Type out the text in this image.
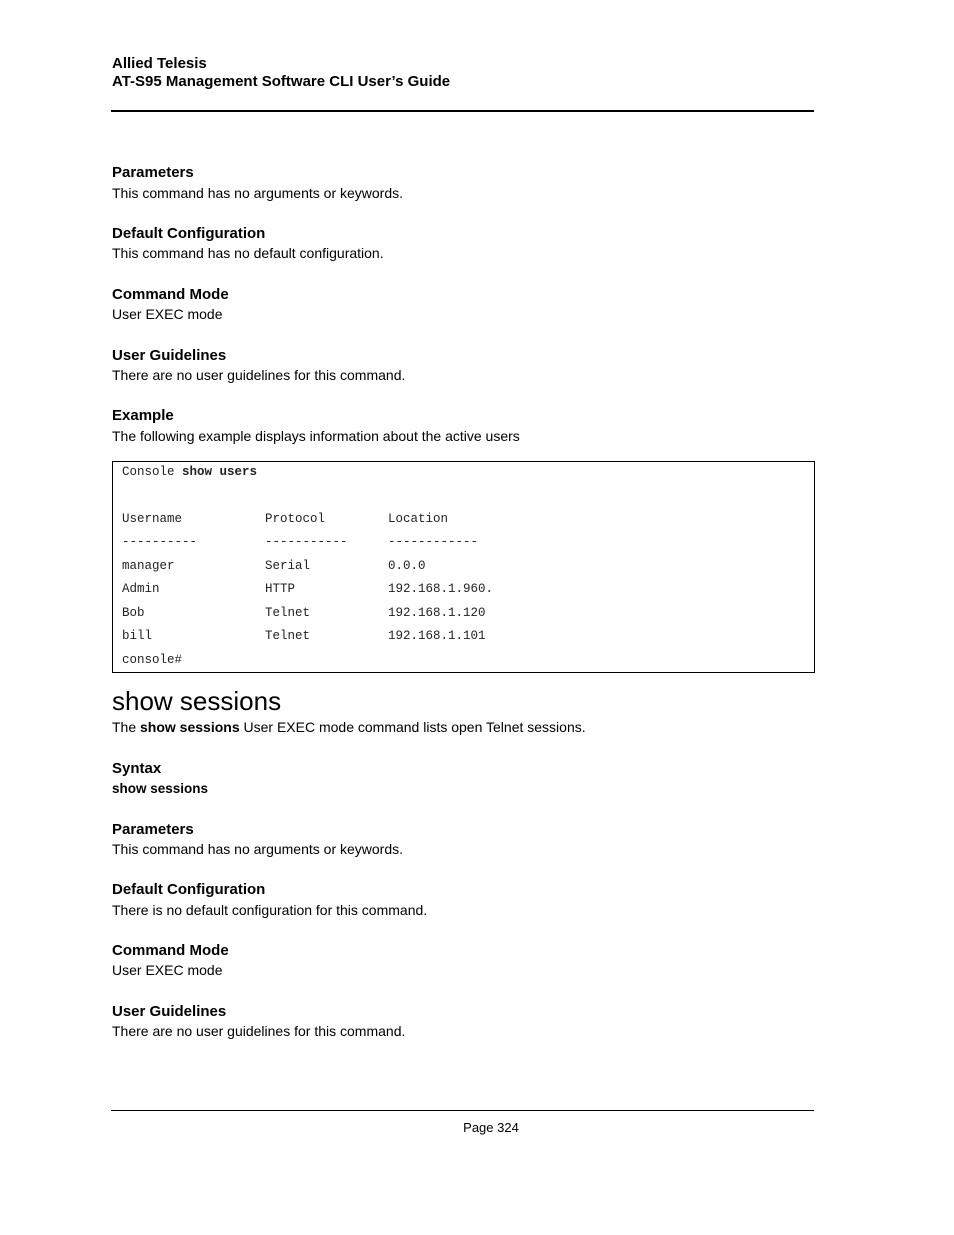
Allied Telesis
AT-S95 Management Software CLI User’s Guide
Parameters
This command has no arguments or keywords.
Default Configuration
This command has no default configuration.
Command Mode
User EXEC mode
User Guidelines
There are no user guidelines for this command.
Example
The following example displays information about the active users
Console show users
Username	Protocol	Location
----------	-----------	------------
manager	Serial	0.0.0
Admin	HTTP	192.168.1.960.
Bob	Telnet	192.168.1.120
bill	Telnet	192.168.1.101
console#
show sessions
The show sessions User EXEC mode command lists open Telnet sessions.
Syntax
show sessions
Parameters
This command has no arguments or keywords.
Default Configuration
There is no default configuration for this command.
Command Mode
User EXEC mode
User Guidelines
There are no user guidelines for this command.
Page 324
